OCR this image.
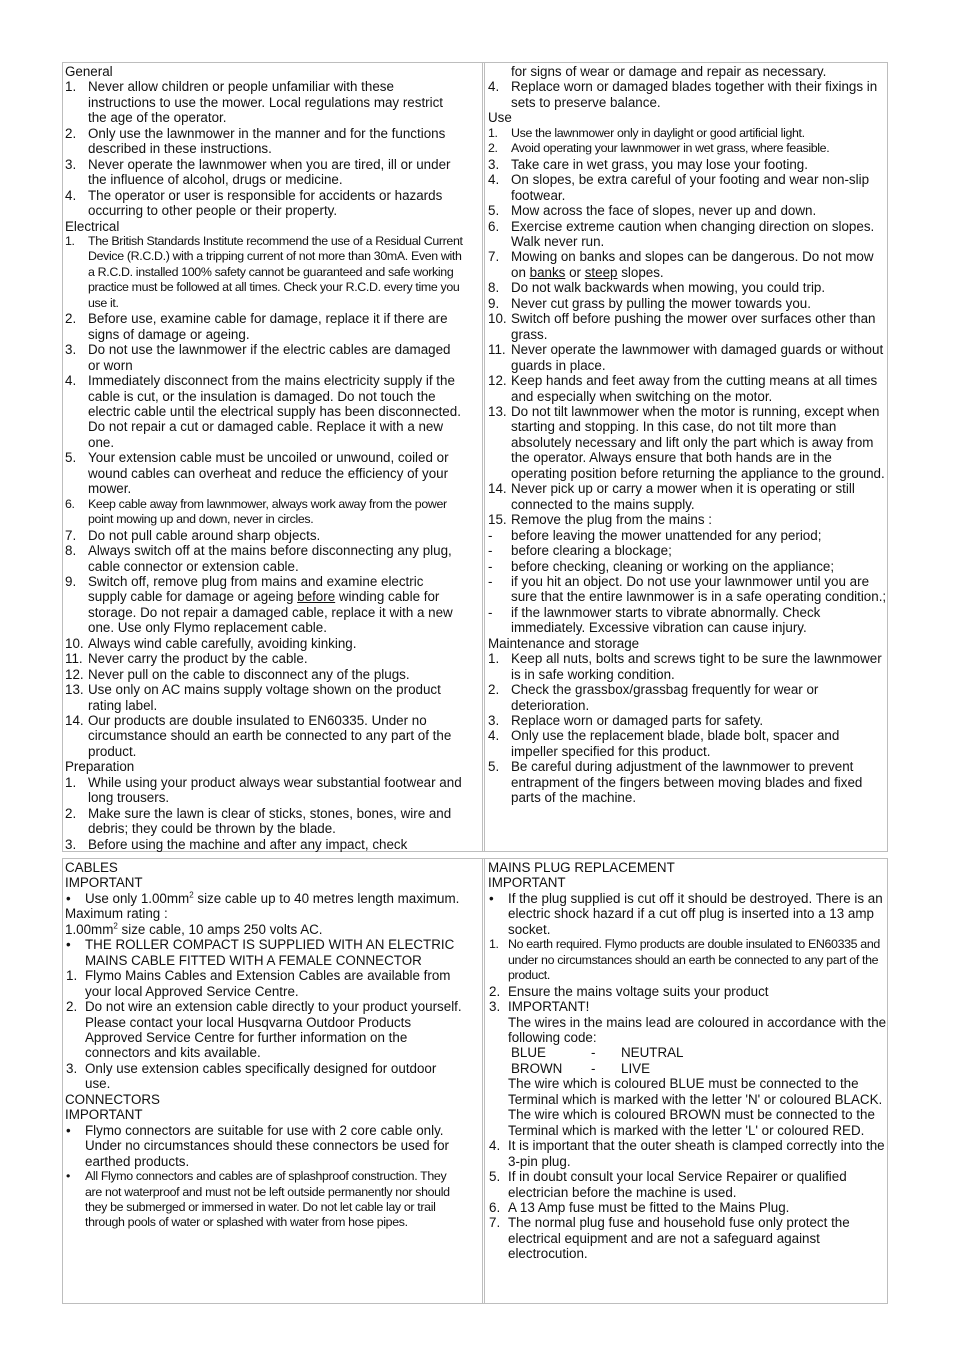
General
1. Never allow children or people unfamiliar with these instructions to use the mower. Local regulations may restrict the age of the operator.
2. Only use the lawnmower in the manner and for the functions described in these instructions.
3. Never operate the lawnmower when you are tired, ill or under the influence of alcohol, drugs or medicine.
4. The operator or user is responsible for accidents or hazards occurring to other people or their property.
Electrical
1.	The British Standards Institute recommend the use of a Residual Current Device (R.C.D.) with a tripping current of not more than 30mA. Even with a R.C.D. installed 100% safety cannot be guaranteed and safe working practice must be followed at all times. Check your R.C.D. every time you use it.
2. Before use, examine cable for damage, replace it if there are signs of damage or ageing.
3. Do not use the lawnmower if the electric cables are damaged or worn
4. Immediately disconnect from the mains electricity supply if the cable is cut, or the insulation is damaged. Do not touch the electric cable until the electrical supply has been disconnected. Do not repair a cut or damaged cable. Replace it with a new one.
5. Your extension cable must be uncoiled or unwound, coiled or wound cables can overheat and reduce the efficiency of your mower.
6.	Keep cable away from lawnmower, always work away from the power point mowing up and down, never in circles.
7. Do not pull cable around sharp objects.
8. Always switch off at the mains before disconnecting any plug, cable connector or extension cable.
9. Switch off, remove plug from mains and examine electric supply cable for damage or ageing before winding cable for storage. Do not repair a damaged cable, replace it with a new one. Use only Flymo replacement cable.
10. Always wind cable carefully, avoiding kinking.
11. Never carry the product by the cable.
12. Never pull on the cable to disconnect any of the plugs.
13. Use only on AC mains supply voltage shown on the product rating label.
14. Our products are double insulated to EN60335. Under no circumstance should an earth be connected to any part of the product.
Preparation
1. While using your product always wear substantial footwear and long trousers.
2. Make sure the lawn is clear of sticks, stones, bones, wire and debris; they could be thrown by the blade.
3. Before using the machine and after any impact, check
for signs of wear or damage and repair as necessary.
4. Replace worn or damaged blades together with their fixings in sets to preserve balance.
Use
1.	Use the lawnmower only in daylight or good artificial light.
2.	Avoid operating your lawnmower in wet grass, where feasible.
3. Take care in wet grass, you may lose your footing.
4. On slopes, be extra careful of your footing and wear non-slip footwear.
5. Mow across the face of slopes, never up and down.
6. Exercise extreme caution when changing direction on slopes. Walk never run.
7. Mowing on banks and slopes can be dangerous. Do not mow on banks or steep slopes.
8. Do not walk backwards when mowing, you could trip.
9. Never cut grass by pulling the mower towards you.
10. Switch off before pushing the mower over surfaces other than grass.
11. Never operate the lawnmower with damaged guards or without guards in place.
12. Keep hands and feet away from the cutting means at all times and especially when switching on the motor.
13. Do not tilt lawnmower when the motor is running, except when starting and stopping. In this case, do not tilt more than absolutely necessary and lift only the part which is away from the operator. Always ensure that both hands are in the operating position before returning the appliance to the ground.
14. Never pick up or carry a mower when it is operating or still connected to the mains supply.
15. Remove the plug from the mains :
-	before leaving the mower unattended for any period;
-	before clearing a blockage;
-	before checking, cleaning or working on the appliance;
-	if you hit an object. Do not use your lawnmower until you are sure that the entire lawnmower is in a safe operating condition.;
-	if the lawnmower starts to vibrate abnormally. Check immediately. Excessive vibration can cause injury.
Maintenance and storage
1. Keep all nuts, bolts and screws tight to be sure the lawnmower is in safe working condition.
2. Check the grassbox/grassbag frequently for wear or deterioration.
3. Replace worn or damaged parts for safety.
4. Only use the replacement blade, blade bolt, spacer and impeller specified for this product.
5. Be careful during adjustment of the lawnmower to prevent entrapment of the fingers between moving blades and fixed parts of the machine.
CABLES
IMPORTANT
•	Use only $1.00mm^2$ size cable up to 40 metres length maximum.
Maximum rating :
$1.00mm^2$ size cable, 10 amps 250 volts AC.
•	THE ROLLER COMPACT IS SUPPLIED WITH AN ELECTRIC MAINS CABLE FITTED WITH A FEMALE CONNECTOR
1. Flymo Mains Cables and Extension Cables are available from your local Approved Service Centre.
2. Do not wire an extension cable directly to your product yourself. Please contact your local Husqvarna Outdoor Products Approved Service Centre for further information on the connectors and kits available.
3. Only use extension cables specifically designed for outdoor use.
CONNECTORS
IMPORTANT
•	Flymo connectors are suitable for use with 2 core cable only. Under no circumstances should these connectors be used for earthed products.
•	All Flymo connectors and cables are of splashproof construction. They are not waterproof and must not be left outside permanently nor should they be submerged or immersed in water. Do not let cable lay or trail through pools of water or splashed with water from hose pipes.
MAINS PLUG REPLACEMENT
IMPORTANT
•	If the plug supplied is cut off it should be destroyed. There is an electric shock hazard if a cut off plug is inserted into a 13 amp socket.
1. No earth required. Flymo products are double insulated to EN60335 and under no circumstances should an earth be connected to any part of the product.
2. Ensure the mains voltage suits your product
3. IMPORTANT!
The wires in the mains lead are coloured in accordance with the following code:
BLUE	-	NEUTRAL
BROWN	-	LIVE
The wire which is coloured BLUE must be connected to the Terminal which is marked with the letter 'N' or coloured BLACK.
The wire which is coloured BROWN must be connected to the Terminal which is marked with the letter 'L' or coloured RED.
4. It is important that the outer sheath is clamped correctly into the 3-pin plug.
5. If in doubt consult your local Service Repairer or qualified electrician before the machine is used.
6. A 13 Amp fuse must be fitted to the Mains Plug.
7. The normal plug fuse and household fuse only protect the electrical equipment and are not a safeguard against electrocution.
